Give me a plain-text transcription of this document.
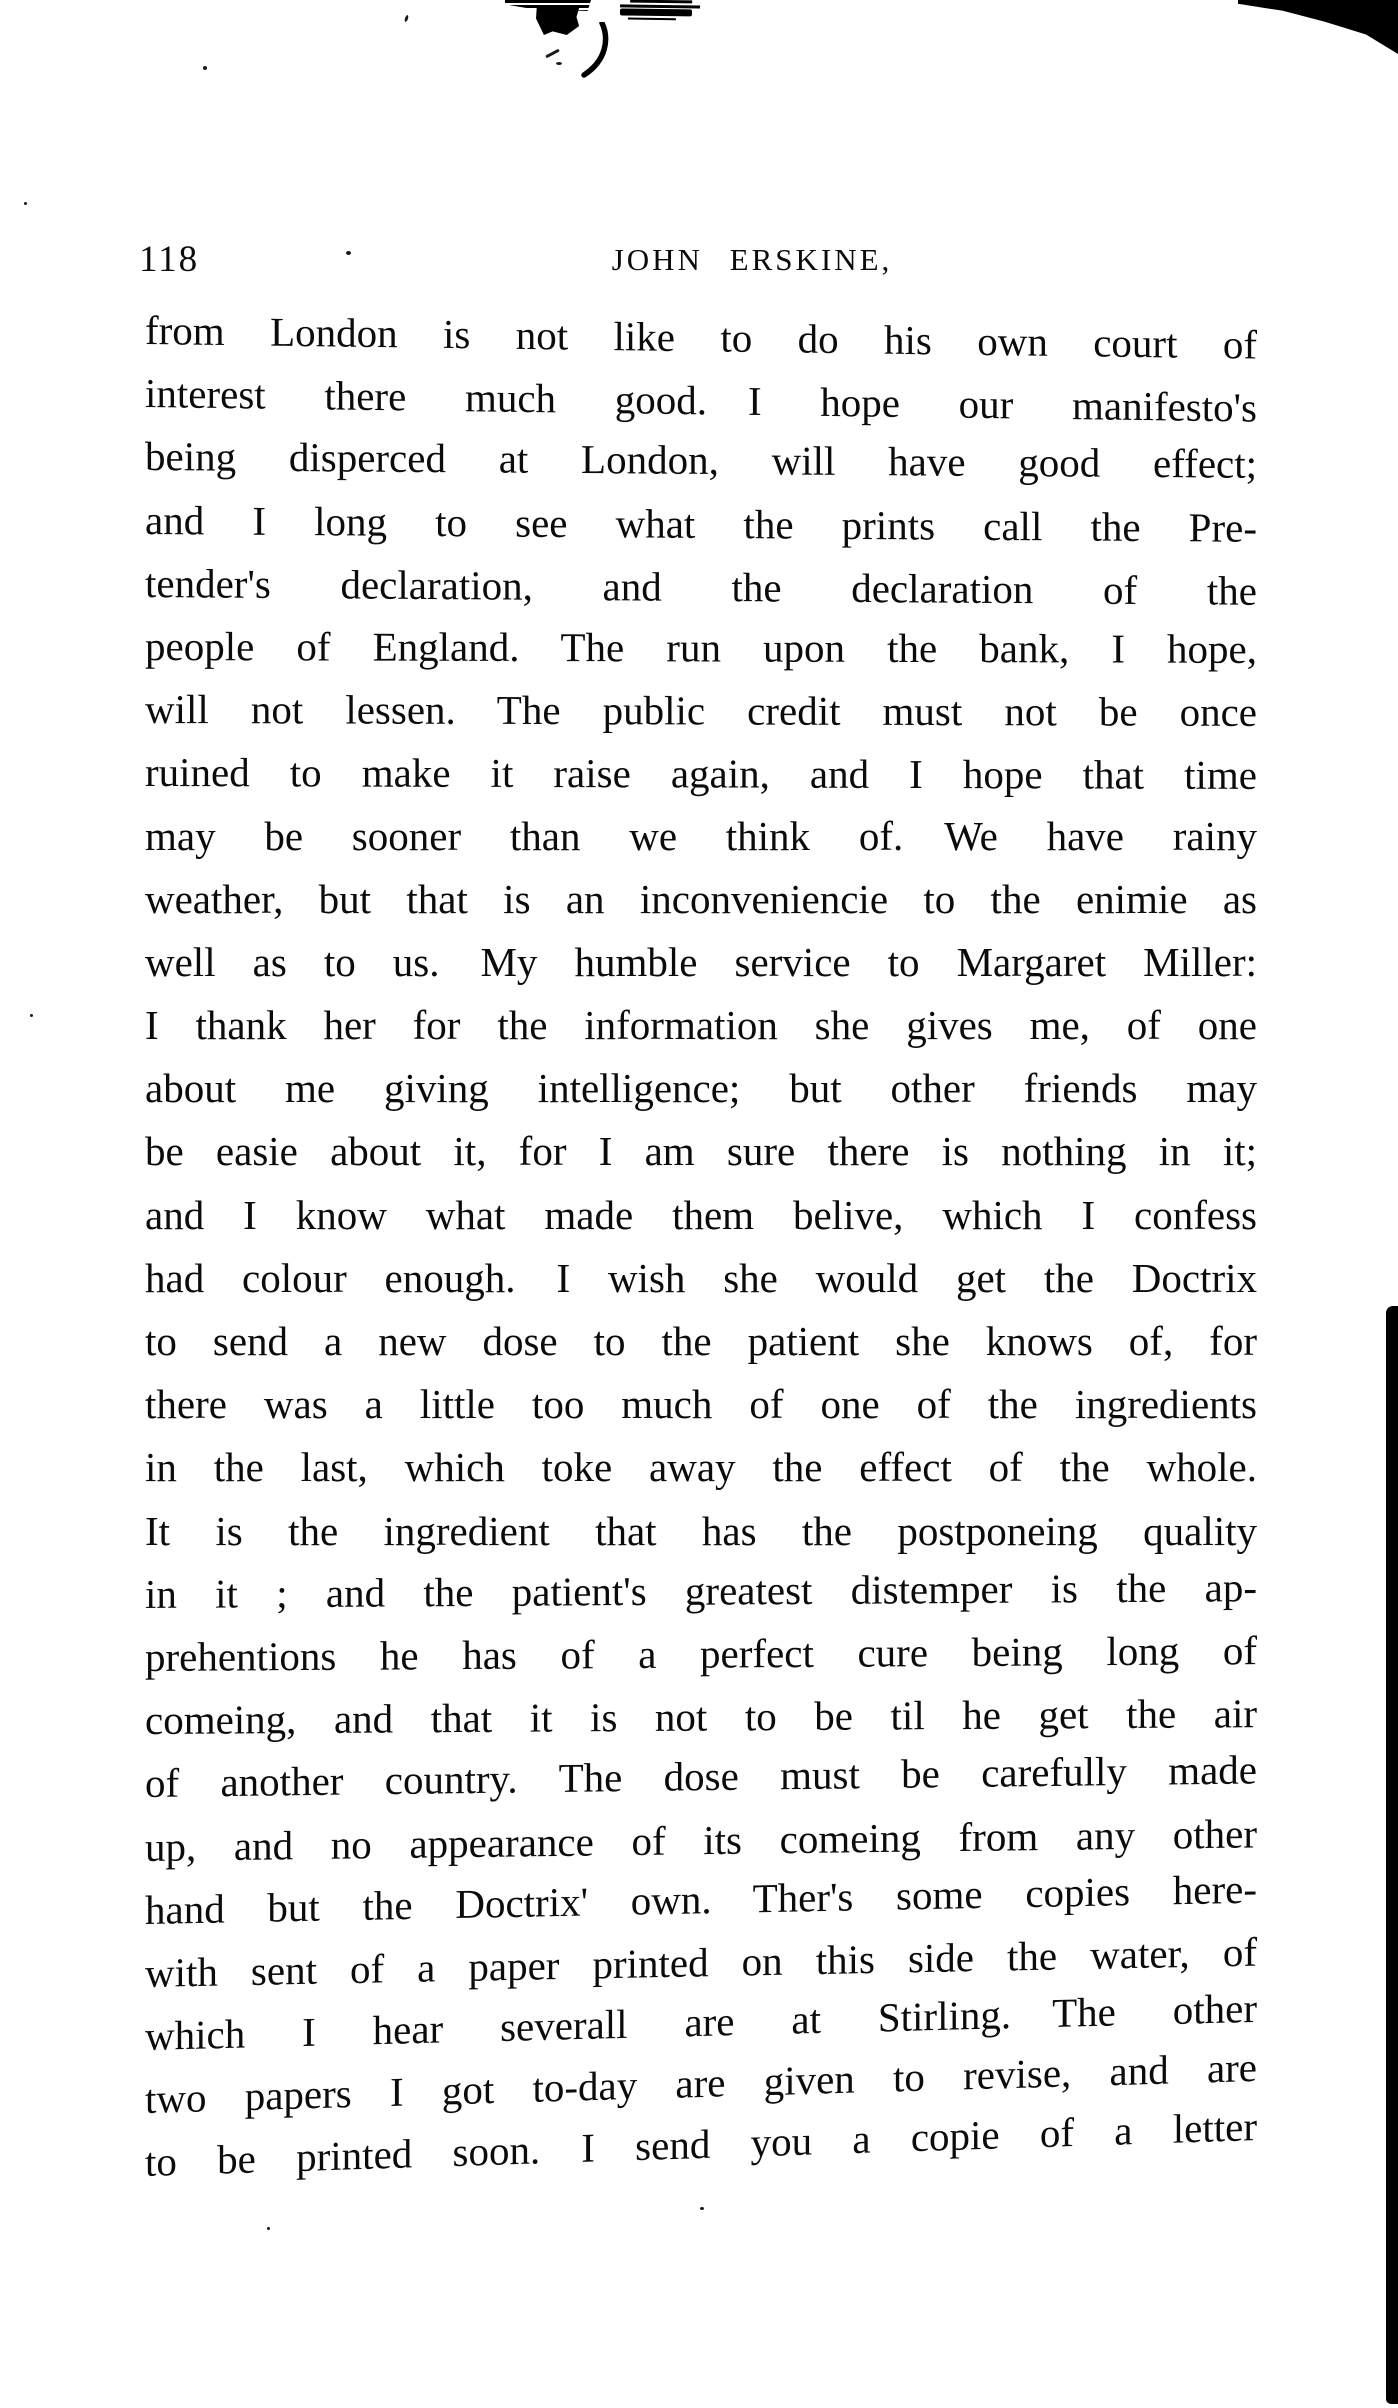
118	JOHN ERSKINE,
from London is not like to do his own court of
interest there much good.  I hope our manifesto's
being disperced at London, will have good effect;
and I long to see what the prints call the Pre-
tender's declaration, and the declaration of the
people of England.  The run upon the bank, I hope,
will not lessen.  The public credit must not be once
ruined to make it raise again, and I hope that time
may be sooner than we think of.  We have rainy
weather, but that is an inconveniencie to the enimie as
well as to us.  My humble service to Margaret Miller:
I thank her for the information she gives me, of one
about me giving intelligence; but other friends may
be easie about it, for I am sure there is nothing in it;
and I know what made them belive, which I confess
had colour enough.  I wish she would get the Doctrix
to send a new dose to the patient she knows of, for
there was a little too much of one of the ingredients
in the last, which toke away the effect of the whole.
It is the ingredient that has the postponeing quality
in it ; and the patient's greatest distemper is the ap-
prehentions he has of a perfect cure being long of
comeing, and that it is not to be til he get the air
of another country.  The dose must be carefully made
up, and no appearance of its comeing from any other
hand but the Doctrix' own.  Ther's some copies here-
with sent of a paper printed on this side the water, of
which I hear severall are at Stirling.  The other
two papers I got to-day are given to revise, and are
to be printed soon.  I send you a copie of a letter
